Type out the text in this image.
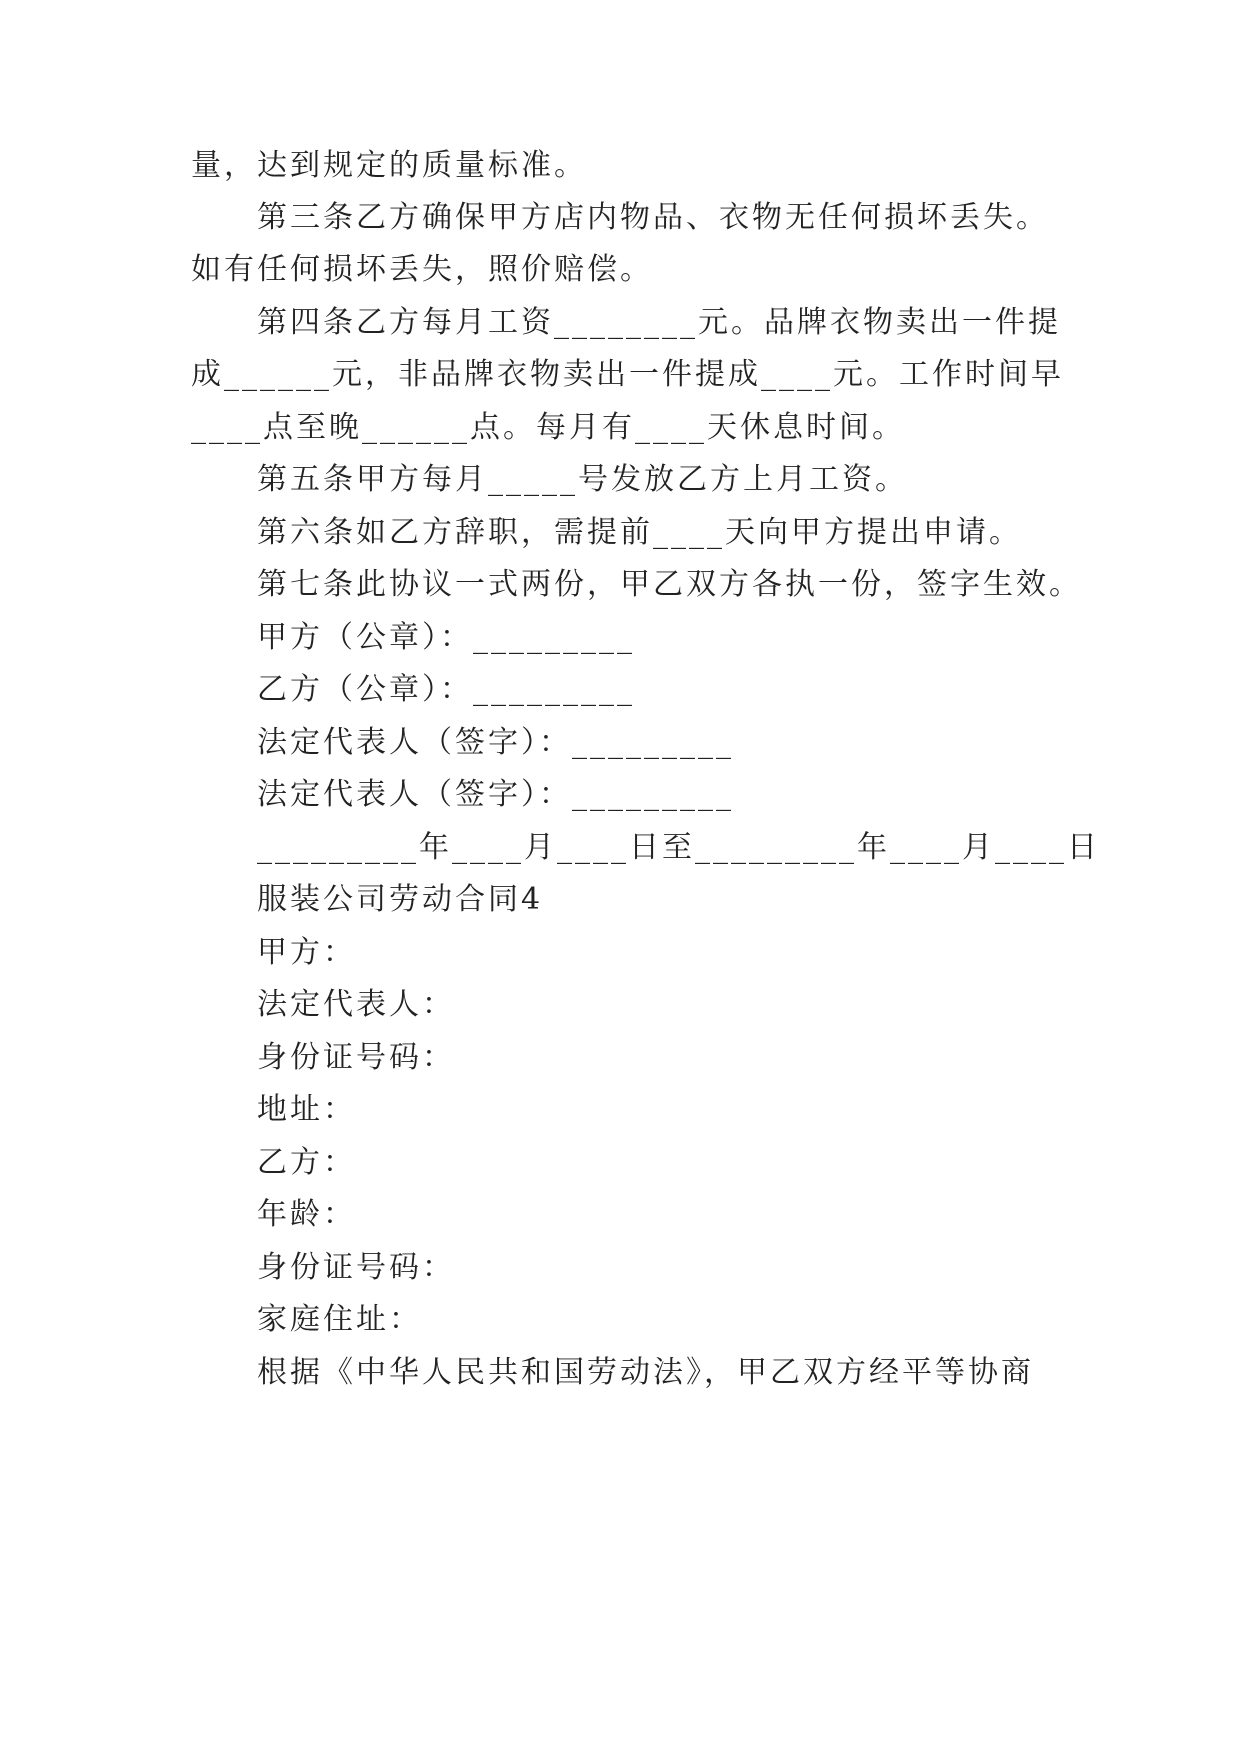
量，达到规定的质量标准。

第三条乙方确保甲方店内物品、衣物无任何损坏丢失。

如有任何损坏丢失，照价赔偿。

第四条乙方每月工资________元。品牌衣物卖出一件提

成______元，非品牌衣物卖出一件提成____元。工作时间早

____点至晚______点。每月有____天休息时间。

第五条甲方每月_____号发放乙方上月工资。

第六条如乙方辞职，需提前____天向甲方提出申请。

第七条此协议一式两份，甲乙双方各执一份，签字生效。

甲方（公章）：_________

乙方（公章）：_________

法定代表人（签字）：_________

法定代表人（签字）：_________

_________年____月____日至_________年____月____日

服装公司劳动合同4

甲方：

法定代表人：

身份证号码：

地址：

乙方：

年龄：

身份证号码：

家庭住址：

根据《中华人民共和国劳动法》，甲乙双方经平等协商
